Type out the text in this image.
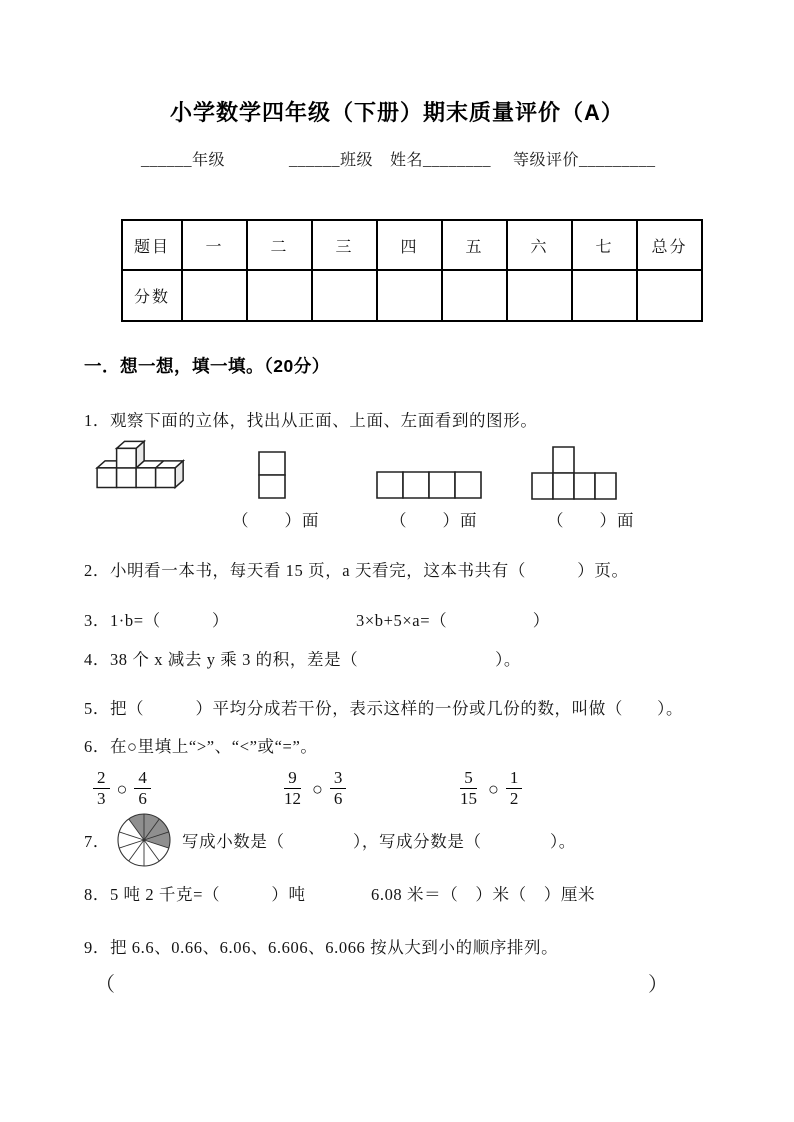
小学数学四年级（下册）期末质量评价（A）
______年级	______班级 姓名________ 等级评价_________
题目	一	二	三	四	五	六	七	总分
分数								
一．想一想，填一填。（20分）
1．观察下面的立体，找出从正面、上面、左面看到的图形。
（　　）面	（　　）面	（　　）面
2．小明看一本书，每天看 15 页，a 天看完，这本书共有（　　　）页。
3．1·b=（　　　）	3×b+5×a=（　　　　　）
4．38 个 x 减去 y 乘 3 的积，差是（　　　　　　　　）。
5．把（　　　）平均分成若干份，表示这样的一份或几份的数，叫做（　　）。
6．在○里填上“>”、“<”或“=”。
$\frac{2}{3}$ ○ $\frac{4}{6}$	$\frac{9}{12}$ ○ $\frac{3}{6}$	$\frac{5}{15}$ ○ $\frac{1}{2}$
7．	写成小数是（　　　　），写成分数是（　　　　）。
8．5 吨 2 千克=（　　　）吨	6.08 米＝（　）米（　）厘米
9．把 6.6、0.66、6.06、6.606、6.066 按从大到小的顺序排列。
（	）
